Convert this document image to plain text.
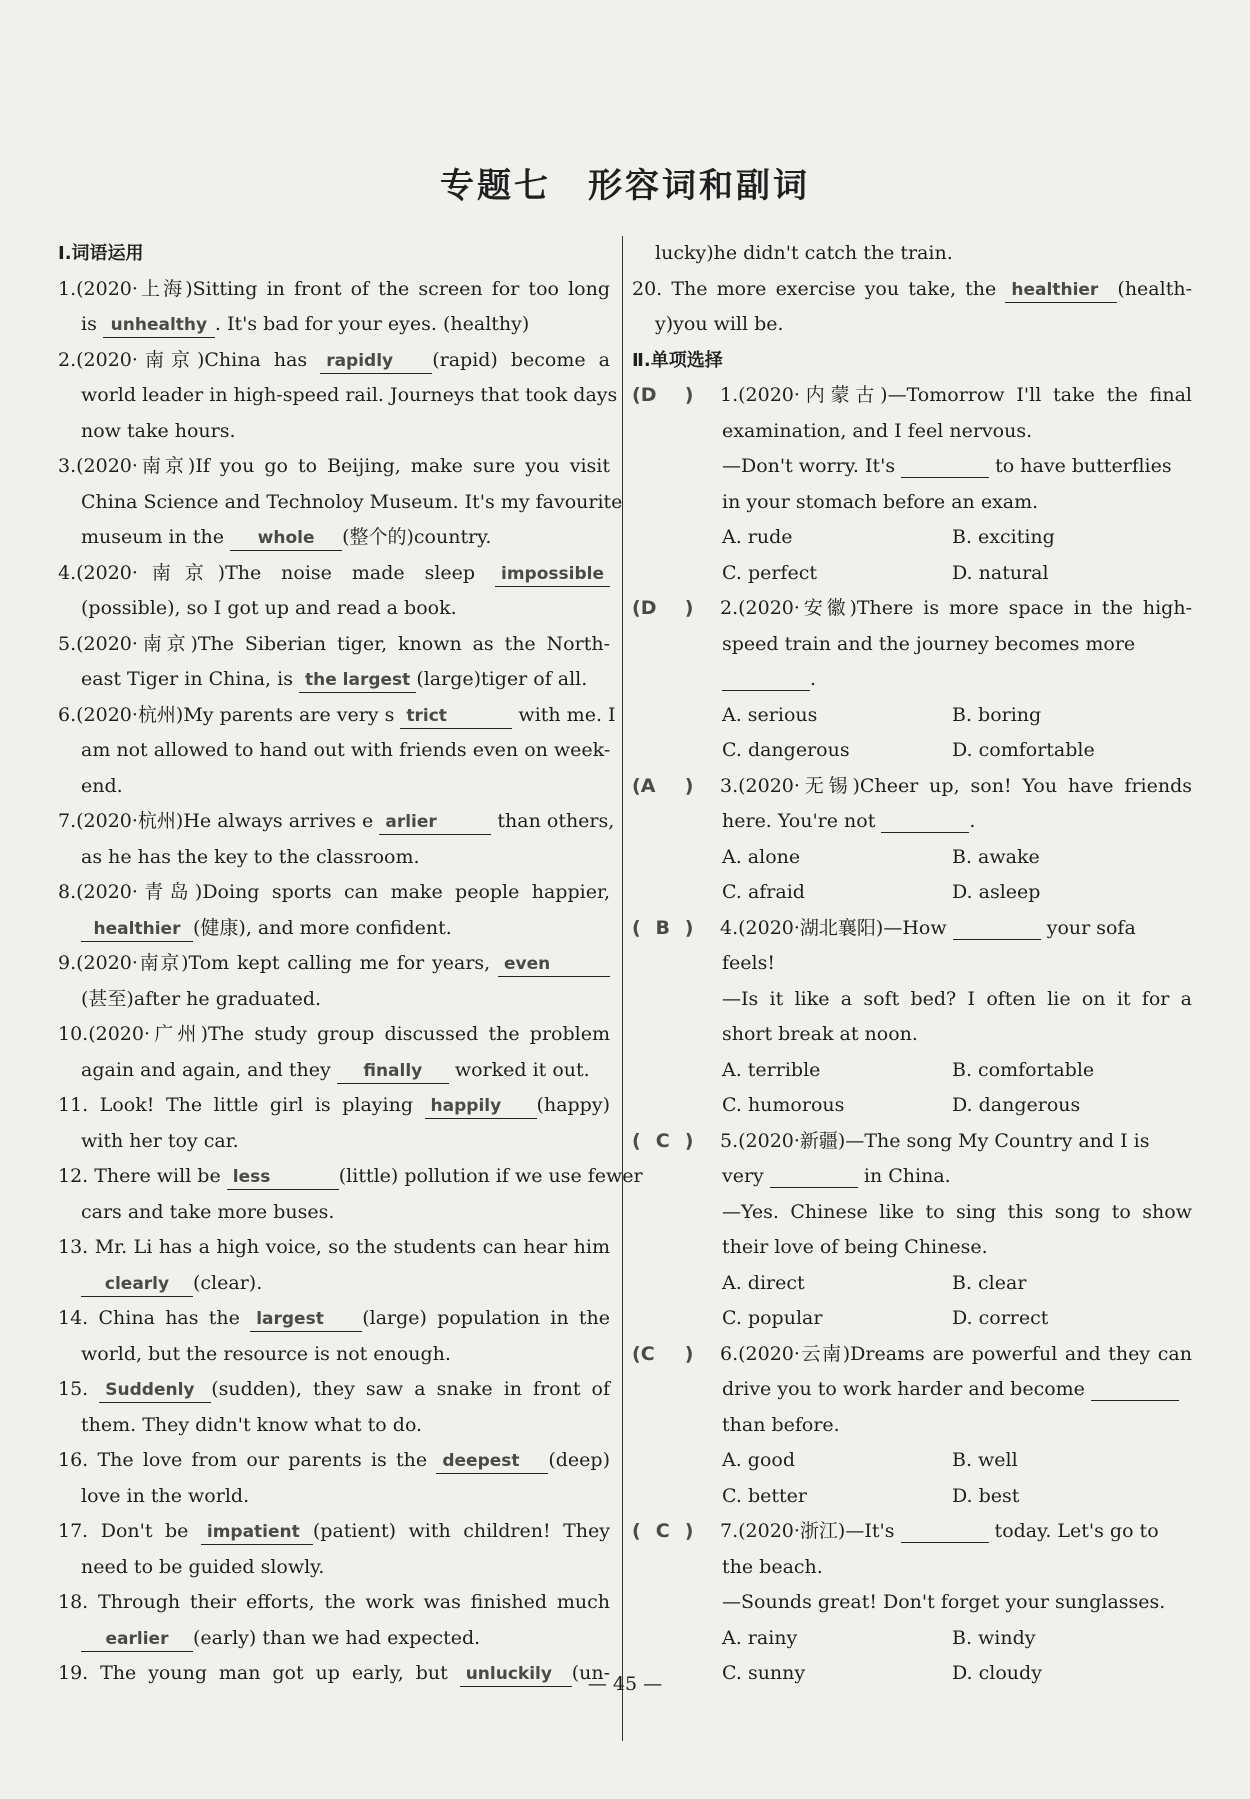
专题七　形容词和副词
Ⅰ.词语运用
1.(2020·上海)Sitting in front of the screen for too long
is unhealthy . It's bad for your eyes. (healthy)
2.(2020·南京)China has rapidly (rapid) become a
world leader in high-speed rail. Journeys that took days
now take hours.
3.(2020·南京)If you go to Beijing, make sure you visit
China Science and Technoloy Museum. It's my favourite
museum in the whole (整个的)country.
4.(2020·南京)The noise made sleep impossible
(possible), so I got up and read a book.
5.(2020·南京)The Siberian tiger, known as the North-
east Tiger in China, is the largest (large)tiger of all.
6.(2020·杭州)My parents are very s trict	with me. I
am not allowed to hand out with friends even on week-
end.
7.(2020·杭州)He always arrives e arlier	than others,
as he has the key to the classroom.
8.(2020·青岛)Doing sports can make people happier,
healthier (健康), and more confident.
9.(2020·南京)Tom kept calling me for years, even
(甚至)after he graduated.
10.(2020·广州)The study group discussed the problem
again and again, and they finally worked it out.
11. Look! The little girl is playing happily (happy)
with her toy car.
12. There will be less	(little) pollution if we use fewer
cars and take more buses.
13. Mr. Li has a high voice, so the students can hear him
clearly (clear).
14. China has the largest (large) population in the
world, but the resource is not enough.
15. Suddenly (sudden), they saw a snake in front of
them. They didn't know what to do.
16. The love from our parents is the deepest (deep)
love in the world.
17. Don't be impatient (patient) with children! They
need to be guided slowly.
18. Through their efforts, the work was finished much
earlier (early) than we had expected.
19. The young man got up early, but unluckily (un-
lucky)he didn't catch the train.
20. The more exercise you take, the healthier (health-
y)you will be.
Ⅱ.单项选择
(D ) 1.(2020·内蒙古)—Tomorrow I'll take the final
examination, and I feel nervous.
—Don't worry. It's	to have butterflies
in your stomach before an exam.
A. rude	B. exciting
C. perfect	D. natural
(D ) 2.(2020·安徽)There is more space in the high-
speed train and the journey becomes more
.
A. serious	B. boring
C. dangerous	D. comfortable
(A ) 3.(2020·无锡)Cheer up, son! You have friends
here. You're not	.
A. alone	B. awake
C. afraid	D. asleep
( B ) 4.(2020·湖北襄阳)—How	your sofa
feels!
—Is it like a soft bed? I often lie on it for a
short break at noon.
A. terrible	B. comfortable
C. humorous	D. dangerous
( C ) 5.(2020·新疆)—The song My Country and I is
very	in China.
—Yes. Chinese like to sing this song to show
their love of being Chinese.
A. direct	B. clear
C. popular	D. correct
(C ) 6.(2020·云南)Dreams are powerful and they can
drive you to work harder and become
than before.
A. good	B. well
C. better	D. best
( C ) 7.(2020·浙江)—It's	today. Let's go to
the beach.
—Sounds great! Don't forget your sunglasses.
A. rainy	B. windy
C. sunny	D. cloudy
— 45 —
